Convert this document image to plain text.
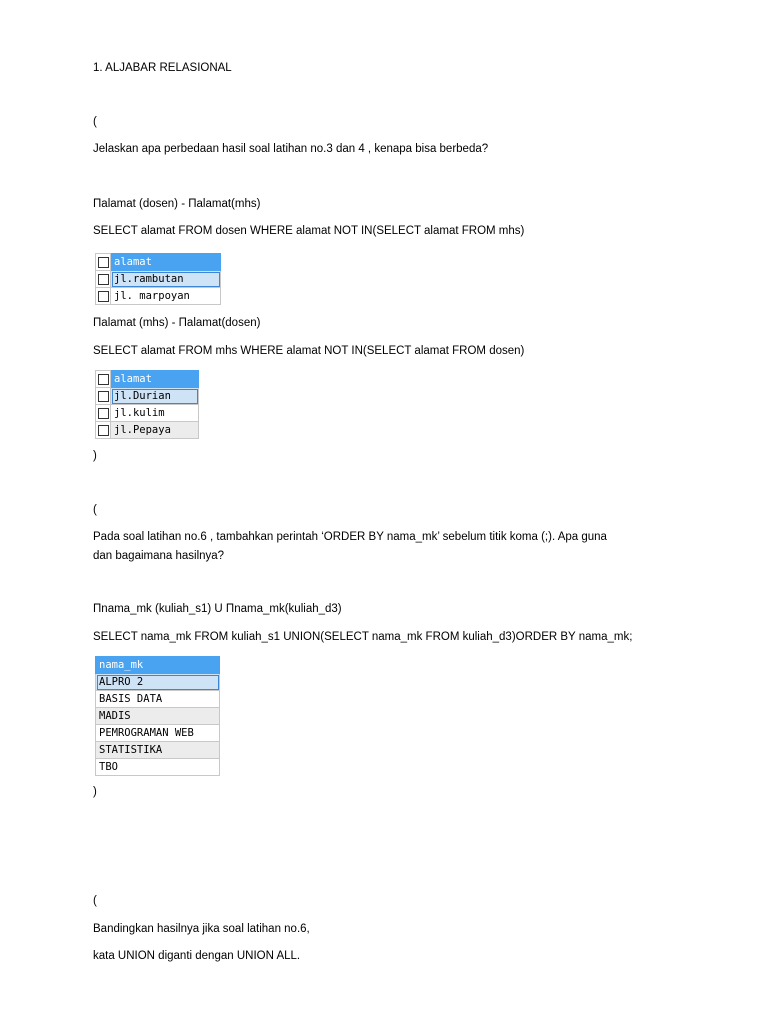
1. ALJABAR RELASIONAL
(
Jelaskan apa perbedaan hasil soal latihan no.3 dan 4 , kenapa bisa berbeda?
Πalamat (dosen) - Πalamat(mhs)
SELECT alamat FROM dosen WHERE alamat NOT IN(SELECT alamat FROM mhs)
	alamat
	jl.rambutan
	jl. marpoyan
Πalamat (mhs) - Πalamat(dosen)
SELECT alamat FROM mhs WHERE alamat NOT IN(SELECT alamat FROM dosen)
	alamat
	jl.Durian
	jl.kulim
	jl.Pepaya
)
(
Pada soal latihan no.6 , tambahkan perintah ‘ORDER BY nama_mk’ sebelum titik koma (;). Apa guna
dan bagaimana hasilnya?
Πnama_mk (kuliah_s1) U Πnama_mk(kuliah_d3)
SELECT nama_mk FROM kuliah_s1 UNION(SELECT nama_mk FROM kuliah_d3)ORDER BY nama_mk;
nama_mk
ALPRO 2
BASIS DATA
MADIS
PEMROGRAMAN WEB
STATISTIKA
TBO
)
(
Bandingkan hasilnya jika soal latihan no.6,
kata UNION diganti dengan UNION ALL.
